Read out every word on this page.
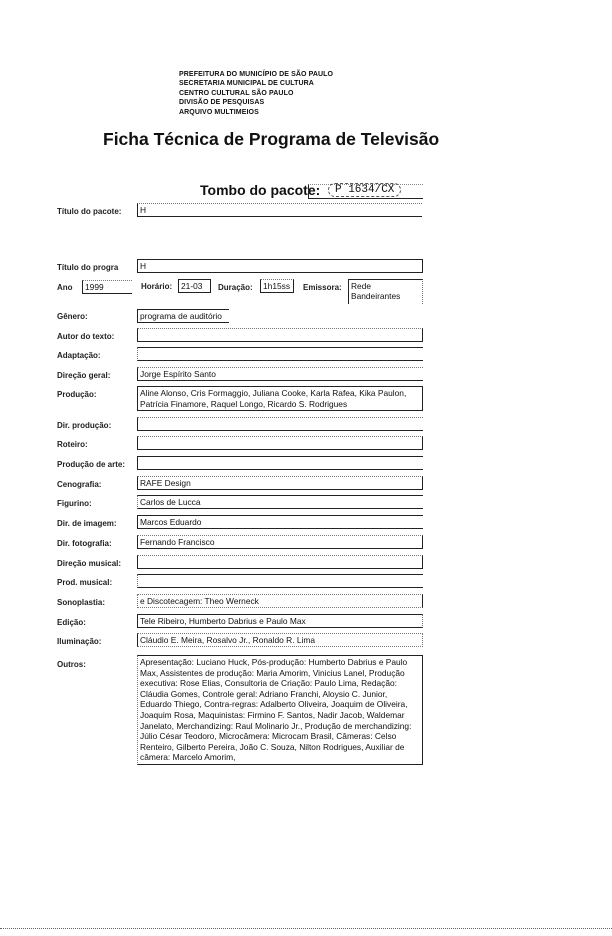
PREFEITURA DO MUNICÍPIO DE SÃO PAULO
SECRETARIA MUNICIPAL DE CULTURA
CENTRO CULTURAL SÃO PAULO
DIVISÃO DE PESQUISAS
ARQUIVO MULTIMEIOS
Ficha Técnica de Programa de Televisão
Tombo do pacote:	P 1634/CX
Título do pacote:	H
Título do progra	H
Ano	1999	Horário:	21-03	Duração:	1h15ss	Emissora:	Rede Bandeirantes
Gênero:	programa de auditório
Autor do texto:
Adaptação:
Direção geral:	Jorge Espírito Santo
Produção:	Aline Alonso, Cris Formaggio, Juliana Cooke, Karla Rafea, Kika Paulon, Patrícia Finamore, Raquel Longo, Ricardo S. Rodrigues
Dir. produção:
Roteiro:
Produção de arte:
Cenografia:	RAFE Design
Figurino:	Carlos de Lucca
Dir. de imagem:	Marcos Eduardo
Dir. fotografia:	Fernando Francisco
Direção musical:
Prod. musical:
Sonoplastia:	e Discotecagem: Theo Werneck
Edição:	Tele Ribeiro, Humberto Dabrius e Paulo Max
Iluminação:	Cláudio E. Meira, Rosalvo Jr., Ronaldo R. Lima
Outros:	Apresentação: Luciano Huck, Pós-produção: Humberto Dabrius e Paulo Max, Assistentes de produção: Maria Amorim, Vinicius Lanel, Produção executiva: Rose Elias, Consultoria de Criação: Paulo Lima, Redação: Cláudia Gomes, Controle geral: Adriano Franchi, Aloysio C. Junior, Eduardo Thiego, Contra-regras: Adalberto Oliveira, Joaquim de Oliveira, Joaquim Rosa, Maquinistas: Firmino F. Santos, Nadir Jacob, Waldemar Janelato, Merchandizing: Raul Molinario Jr., Produção de merchandizing: Júlio César Teodoro, Microcâmera: Microcam Brasil, Câmeras: Celso Renteiro, Gilberto Pereira, João C. Souza, Nilton Rodrigues, Auxiliar de câmera: Marcelo Amorim,
